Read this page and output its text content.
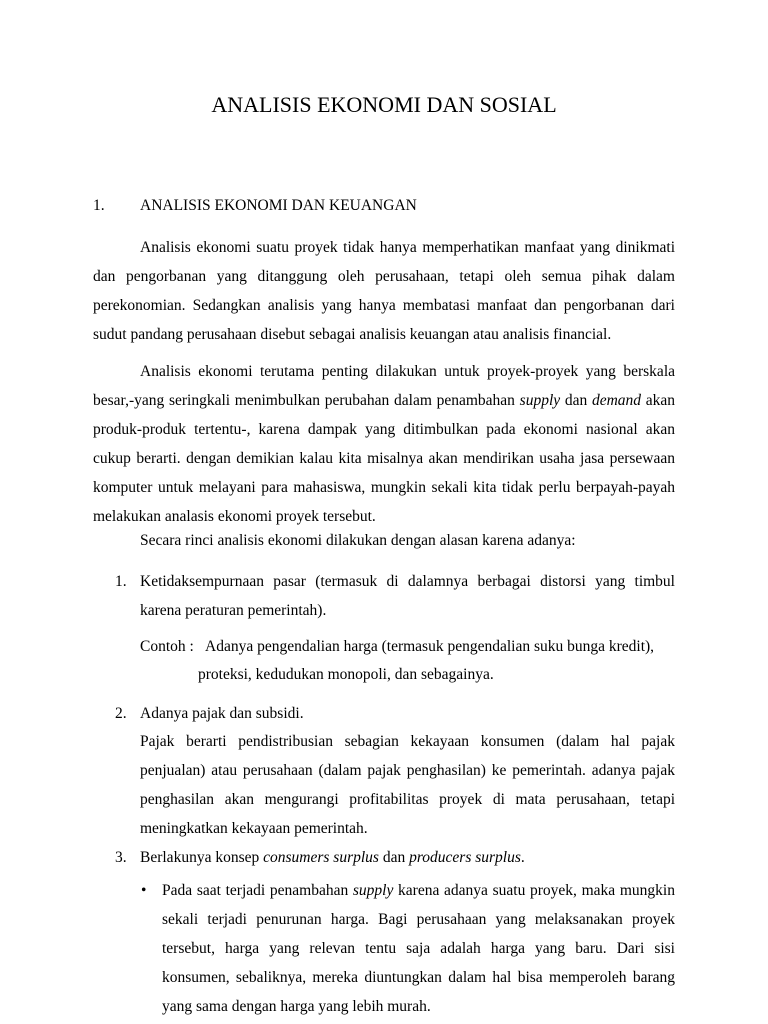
ANALISIS EKONOMI DAN SOSIAL
1. ANALISIS EKONOMI DAN KEUANGAN
Analisis ekonomi suatu proyek tidak hanya memperhatikan manfaat yang dinikmati dan pengorbanan yang ditanggung oleh perusahaan, tetapi oleh semua pihak dalam perekonomian. Sedangkan analisis yang hanya membatasi manfaat dan pengorbanan dari sudut pandang perusahaan disebut sebagai analisis keuangan atau analisis financial.
Analisis ekonomi terutama penting dilakukan untuk proyek-proyek yang berskala besar,-yang seringkali menimbulkan perubahan dalam penambahan supply dan demand akan produk-produk tertentu-, karena dampak yang ditimbulkan pada ekonomi nasional akan cukup berarti. dengan demikian kalau kita misalnya akan mendirikan usaha jasa persewaan komputer untuk melayani para mahasiswa, mungkin sekali kita tidak perlu berpayah-payah melakukan analasis ekonomi proyek tersebut.
Secara rinci analisis ekonomi dilakukan dengan alasan karena adanya:
1. Ketidaksempurnaan pasar (termasuk di dalamnya berbagai distorsi yang timbul karena peraturan pemerintah).
Contoh : Adanya pengendalian harga (termasuk pengendalian suku bunga kredit),
proteksi, kedudukan monopoli, dan sebagainya.
2. Adanya pajak dan subsidi.
Pajak berarti pendistribusian sebagian kekayaan konsumen (dalam hal pajak penjualan) atau perusahaan (dalam pajak penghasilan) ke pemerintah. adanya pajak penghasilan akan mengurangi profitabilitas proyek di mata perusahaan, tetapi meningkatkan kekayaan pemerintah.
3. Berlakunya konsep consumers surplus dan producers surplus.
• Pada saat terjadi penambahan supply karena adanya suatu proyek, maka mungkin sekali terjadi penurunan harga. Bagi perusahaan yang melaksanakan proyek tersebut, harga yang relevan tentu saja adalah harga yang baru. Dari sisi konsumen, sebaliknya, mereka diuntungkan dalam hal bisa memperoleh barang yang sama dengan harga yang lebih murah.
